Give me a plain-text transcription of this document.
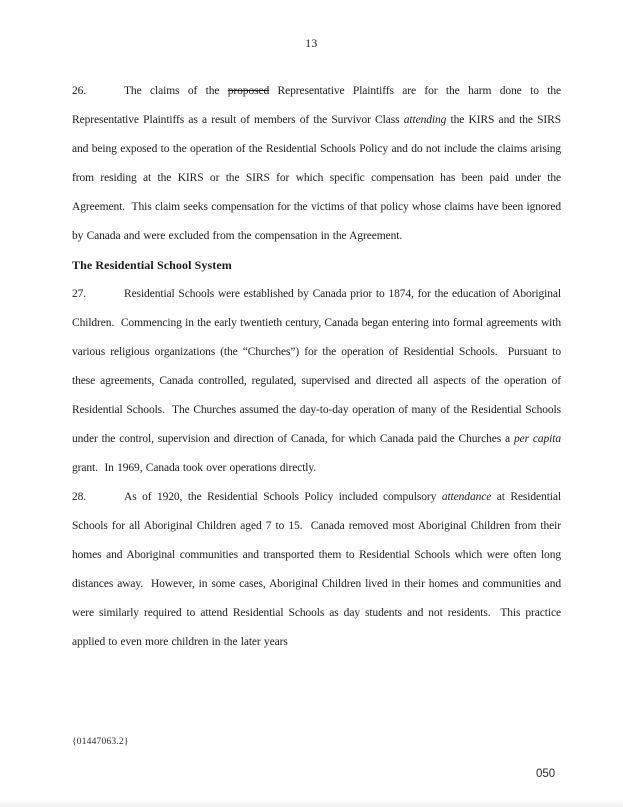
13
26.	The claims of the proposed Representative Plaintiffs are for the harm done to the Representative Plaintiffs as a result of members of the Survivor Class attending the KIRS and the SIRS and being exposed to the operation of the Residential Schools Policy and do not include the claims arising from residing at the KIRS or the SIRS for which specific compensation has been paid under the Agreement.  This claim seeks compensation for the victims of that policy whose claims have been ignored by Canada and were excluded from the compensation in the Agreement.
The Residential School System
27.	Residential Schools were established by Canada prior to 1874, for the education of Aboriginal Children.  Commencing in the early twentieth century, Canada began entering into formal agreements with various religious organizations (the “Churches”) for the operation of Residential Schools.  Pursuant to these agreements, Canada controlled, regulated, supervised and directed all aspects of the operation of Residential Schools.  The Churches assumed the day-to-day operation of many of the Residential Schools under the control, supervision and direction of Canada, for which Canada paid the Churches a per capita grant.  In 1969, Canada took over operations directly.
28.	As of 1920, the Residential Schools Policy included compulsory attendance at Residential Schools for all Aboriginal Children aged 7 to 15.  Canada removed most Aboriginal Children from their homes and Aboriginal communities and transported them to Residential Schools which were often long distances away.  However, in some cases, Aboriginal Children lived in their homes and communities and were similarly required to attend Residential Schools as day students and not residents.  This practice applied to even more children in the later years
{01447063.2}
050
